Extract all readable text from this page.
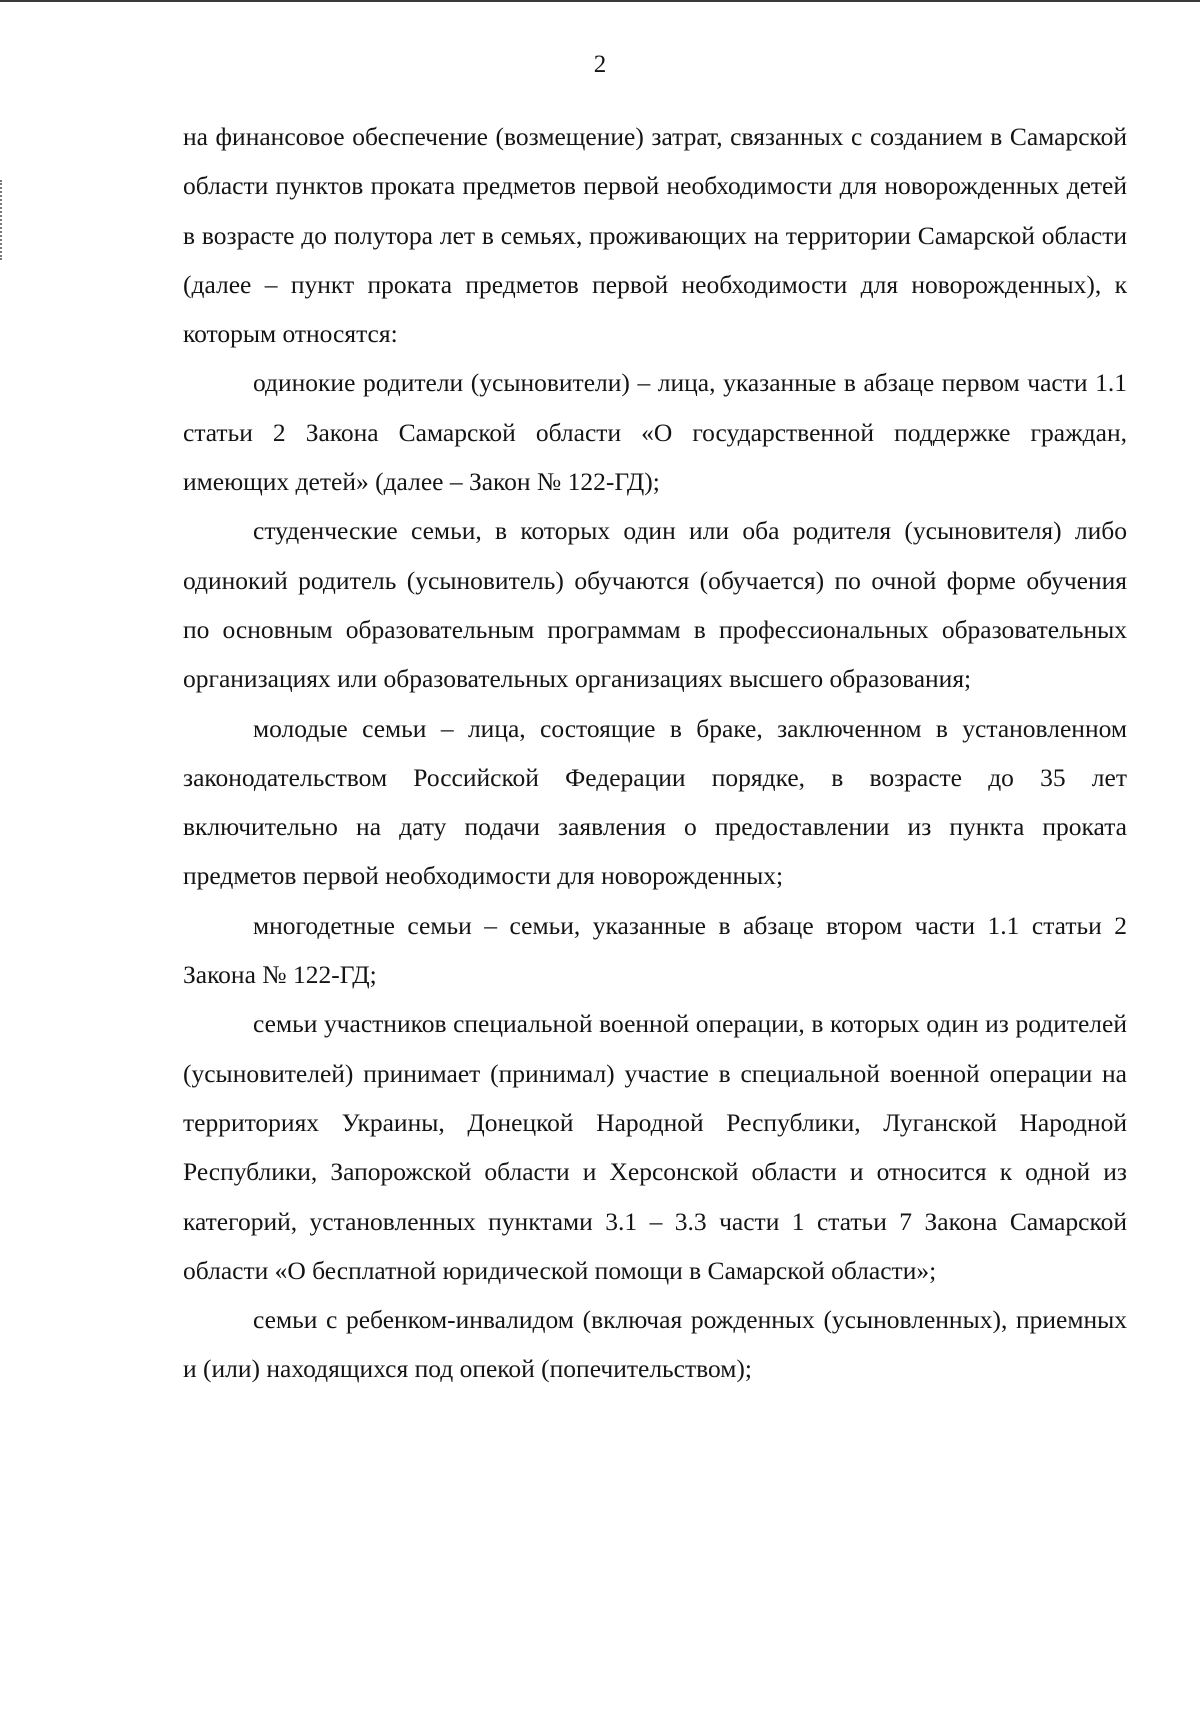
2

на финансовое обеспечение (возмещение) затрат, связанных с созданием в Самарской области пунктов проката предметов первой необходимости для новорожденных детей в возрасте до полутора лет в семьях, проживающих на территории Самарской области (далее – пункт проката предметов первой необходимости для новорожденных), к которым относятся:

одинокие родители (усыновители) – лица, указанные в абзаце первом части 1.1 статьи 2 Закона Самарской области «О государственной поддержке граждан, имеющих детей» (далее – Закон № 122-ГД);

студенческие семьи, в которых один или оба родителя (усыновителя) либо одинокий родитель (усыновитель) обучаются (обучается) по очной форме обучения по основным образовательным программам в профессиональных образовательных организациях или образовательных организациях высшего образования;

молодые семьи – лица, состоящие в браке, заключенном в установленном законодательством Российской Федерации порядке, в возрасте до 35 лет включительно на дату подачи заявления о предоставлении из пункта проката предметов первой необходимости для новорожденных;

многодетные семьи – семьи, указанные в абзаце втором части 1.1 статьи 2 Закона № 122-ГД;

семьи участников специальной военной операции, в которых один из родителей (усыновителей) принимает (принимал) участие в специальной военной операции на территориях Украины, Донецкой Народной Республики, Луганской Народной Республики, Запорожской области и Херсонской области и относится к одной из категорий, установленных пунктами 3.1 – 3.3 части 1 статьи 7 Закона Самарской области «О бесплатной юридической помощи в Самарской области»;

семьи с ребенком-инвалидом (включая рожденных (усыновленных), приемных и (или) находящихся под опекой (попечительством);
